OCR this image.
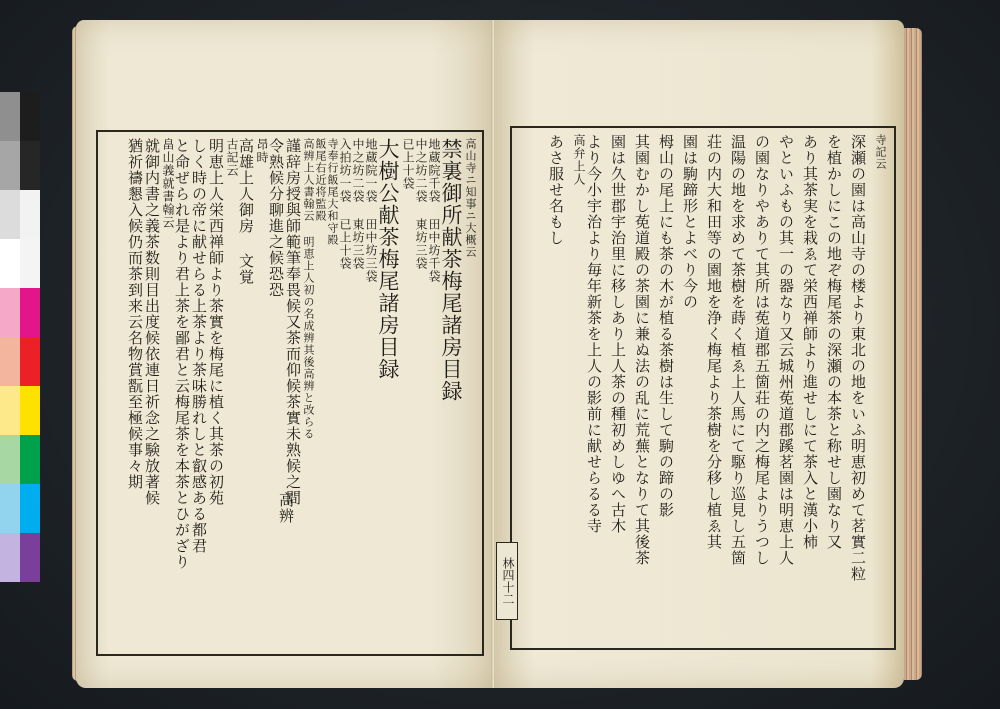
高山寺ニ知事ニ大概云
禁裏御所献茶梅尾諸房目録
地蔵院千袋 田中坊千袋
中之坊二袋 東坊三袋
已上十袋
大樹公献茶梅尾諸房目録
地蔵院一袋 田中坊三袋
中之坊二袋 東坊三袋
入拍坊一袋 已上十袋
寺奉行飯尾大和守殿
飯尾右近将監殿
高辨上人書翰云 明恵上人初の名成辨其後高辨と改らる
謹辞房授與師範筆奉畏候又茶而仰候茶實未熟候之間
令熟候分聊進之候恐恐
昂時
高雄上人御房 文覚
古記云
明恵上人栄西禅師より茶實を梅尾に植く其茶の初苑
しく時の帝に献せらる上茶より茶味勝れしと叡感ある都君
と命ぜられ是より君上茶を鄙君と云梅尾茶を本茶とひがざり
畠山義就書翰云
就御内書之義茶数則目出度候依連日祈念之験放著候
猶祈禱懇入候仍而茶到来云名物賞翫至極候事々期
高辨
寺記云
深瀬の園は高山寺の楼より東北の地をいふ明恵初めて茗實二粒
を植かしにこの地ぞ梅尾茶の深瀬の本茶と称せし園なり又
あり其茶実を栽ゑて栄西禅師より進せしにて茶入と漢小柿
やといふもの其一の器なり又云城州莬道郡蹊茗園は明恵上人
の園なりやありて其所は莬道郡五箇荘の内之梅尾よりうつし
温陽の地を求めて茶樹を蒔く植ゑ上人馬にて駆り巡見し五箇
荘の内大和田等の園地を浄く梅尾より茶樹を分移し植ゑ其
園は駒蹄形とよべり今の
栂山の尾上にも茶の木が植る茶樹は生して駒の蹄の影
其園むかし莬道殿の茶園に兼ぬ法の乱に荒蕪となりて其後茶
園は久世郡宇治里に移しあり上人茶の種初めしゆへ古木
より今小宇治より毎年新茶を上人の影前に献せらるる寺
高弁上人
あさ服せ名もし
林四十二
